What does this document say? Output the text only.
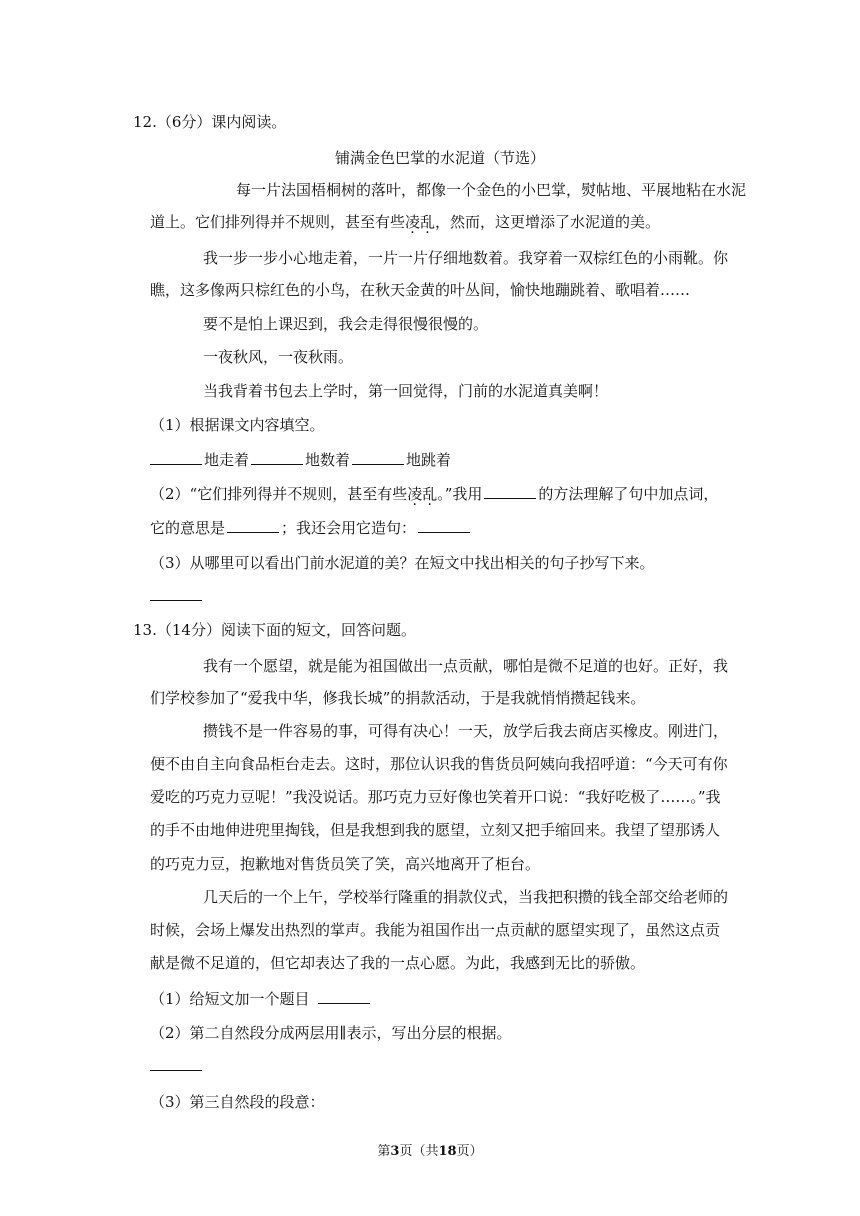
12.（6分）课内阅读。
铺满金色巴掌的水泥道（节选）
每一片法国梧桐树的落叶，都像一个金色的小巴掌，熨帖地、平展地粘在水泥
道上。它们排列得并不规则，甚至有些凌乱，然而，这更增添了水泥道的美。
我一步一步小心地走着，一片一片仔细地数着。我穿着一双棕红色的小雨靴。你
瞧，这多像两只棕红色的小鸟，在秋天金黄的叶丛间，愉快地蹦跳着、歌唱着……
要不是怕上课迟到，我会走得很慢很慢的。
一夜秋风，一夜秋雨。
当我背着书包去上学时，第一回觉得，门前的水泥道真美啊！
（1）根据课文内容填空。
地走着	地数着	地跳着
（2）“它们排列得并不规则，甚至有些凌乱。”我用	的方法理解了句中加点词，
它的意思是	；我还会用它造句：
（3）从哪里可以看出门前水泥道的美？在短文中找出相关的句子抄写下来。
13.（14分）阅读下面的短文，回答问题。
我有一个愿望，就是能为祖国做出一点贡献，哪怕是微不足道的也好。正好，我
们学校参加了“爱我中华，修我长城”的捐款活动，于是我就悄悄攒起钱来。
攒钱不是一件容易的事，可得有决心！一天，放学后我去商店买橡皮。刚进门，
便不由自主向食品柜台走去。这时，那位认识我的售货员阿姨向我招呼道：“今天可有你
爱吃的巧克力豆呢！”我没说话。那巧克力豆好像也笑着开口说：“我好吃极了……。”我
的手不由地伸进兜里掏钱，但是我想到我的愿望，立刻又把手缩回来。我望了望那诱人
的巧克力豆，抱歉地对售货员笑了笑，高兴地离开了柜台。
几天后的一个上午，学校举行隆重的捐款仪式，当我把积攒的钱全部交给老师的
时候，会场上爆发出热烈的掌声。我能为祖国作出一点贡献的愿望实现了，虽然这点贡
献是微不足道的，但它却表达了我的一点心愿。为此，我感到无比的骄傲。
（1）给短文加一个题目
（2）第二自然段分成两层用∥表示，写出分层的根据。
（3）第三自然段的段意：
第3页（共18页）
